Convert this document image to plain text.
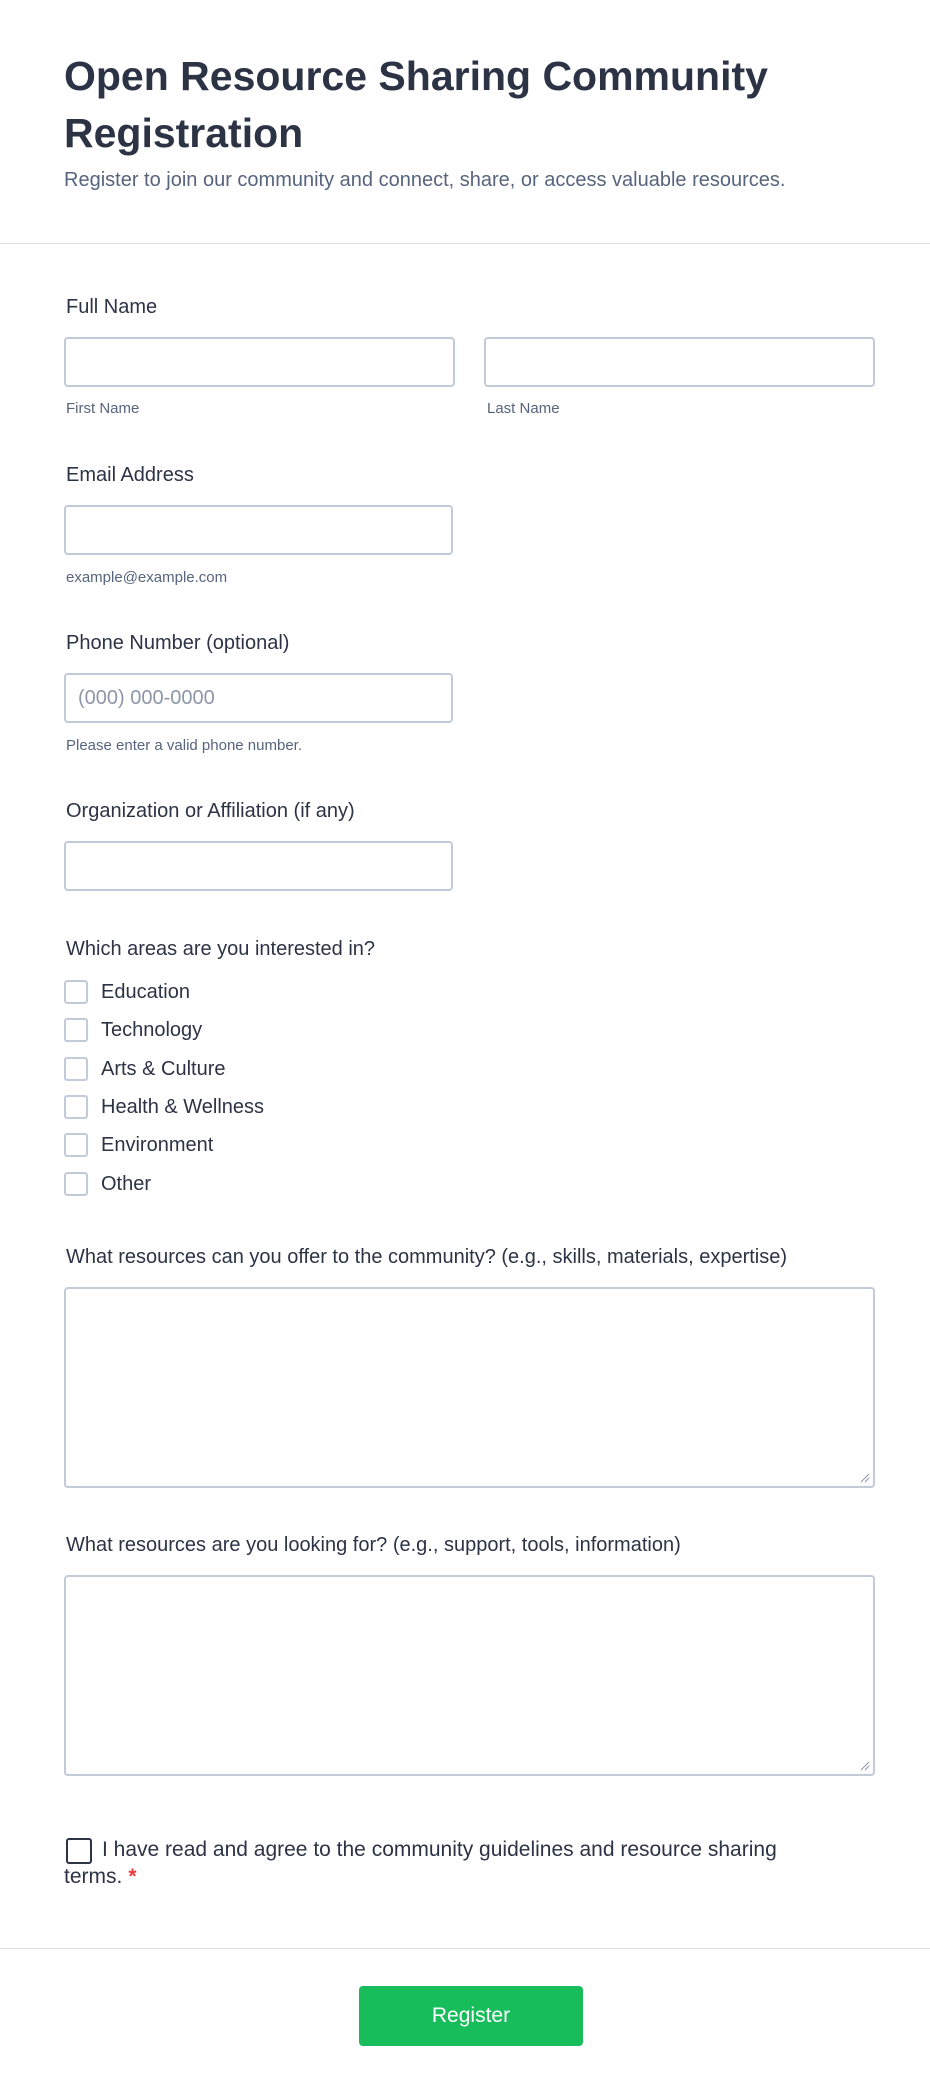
Open Resource Sharing Community Registration

Register to join our community and connect, share, or access valuable resources.

Full Name
First Name	Last Name
Email Address
example@example.com
Phone Number (optional)
(000) 000-0000
Please enter a valid phone number.
Organization or Affiliation (if any)
Which areas are you interested in?
Education
Technology
Arts & Culture
Health & Wellness
Environment
Other
What resources can you offer to the community? (e.g., skills, materials, expertise)
What resources are you looking for? (e.g., support, tools, information)

I have read and agree to the community guidelines and resource sharing terms. *

Register
